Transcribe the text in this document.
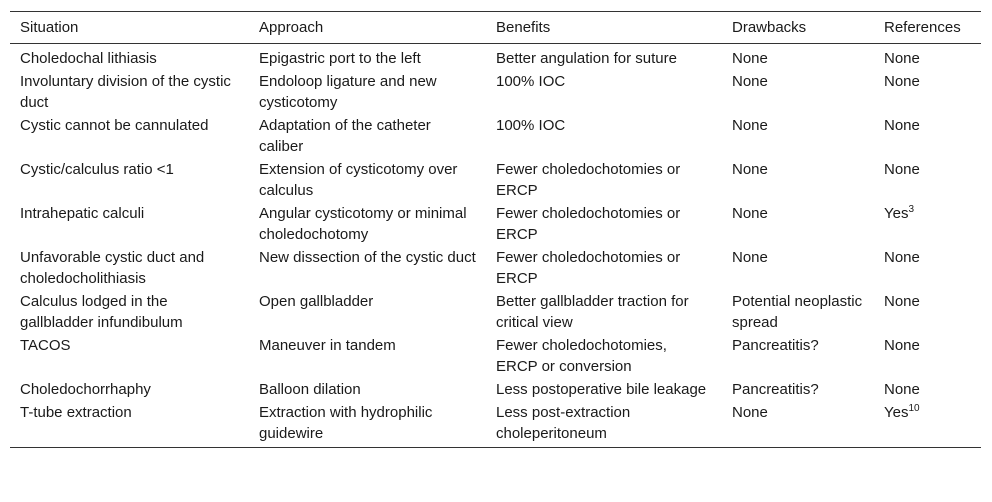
Situation	Approach	Benefits	Drawbacks	References
Choledochal lithiasis	Epigastric port to the left	Better angulation for suture	None	None
Involuntary division of the cystic duct	Endoloop ligature and new cysticotomy	100% IOC	None	None
Cystic cannot be cannulated	Adaptation of the catheter caliber	100% IOC	None	None
Cystic/calculus ratio <1	Extension of cysticotomy over calculus	Fewer choledochotomies or ERCP	None	None
Intrahepatic calculi	Angular cysticotomy or minimal choledochotomy	Fewer choledochotomies or ERCP	None	Yes$^3$
Unfavorable cystic duct and choledocholithiasis	New dissection of the cystic duct	Fewer choledochotomies or ERCP	None	None
Calculus lodged in the gallbladder infundibulum	Open gallbladder	Better gallbladder traction for critical view	Potential neoplastic spread	None
TACOS	Maneuver in tandem	Fewer choledochotomies, ERCP or conversion	Pancreatitis?	None
Choledochorrhaphy	Balloon dilation	Less postoperative bile leakage	Pancreatitis?	None
T-tube extraction	Extraction with hydrophilic guidewire	Less post-extraction choleperitoneum	None	Yes$^{10}$
